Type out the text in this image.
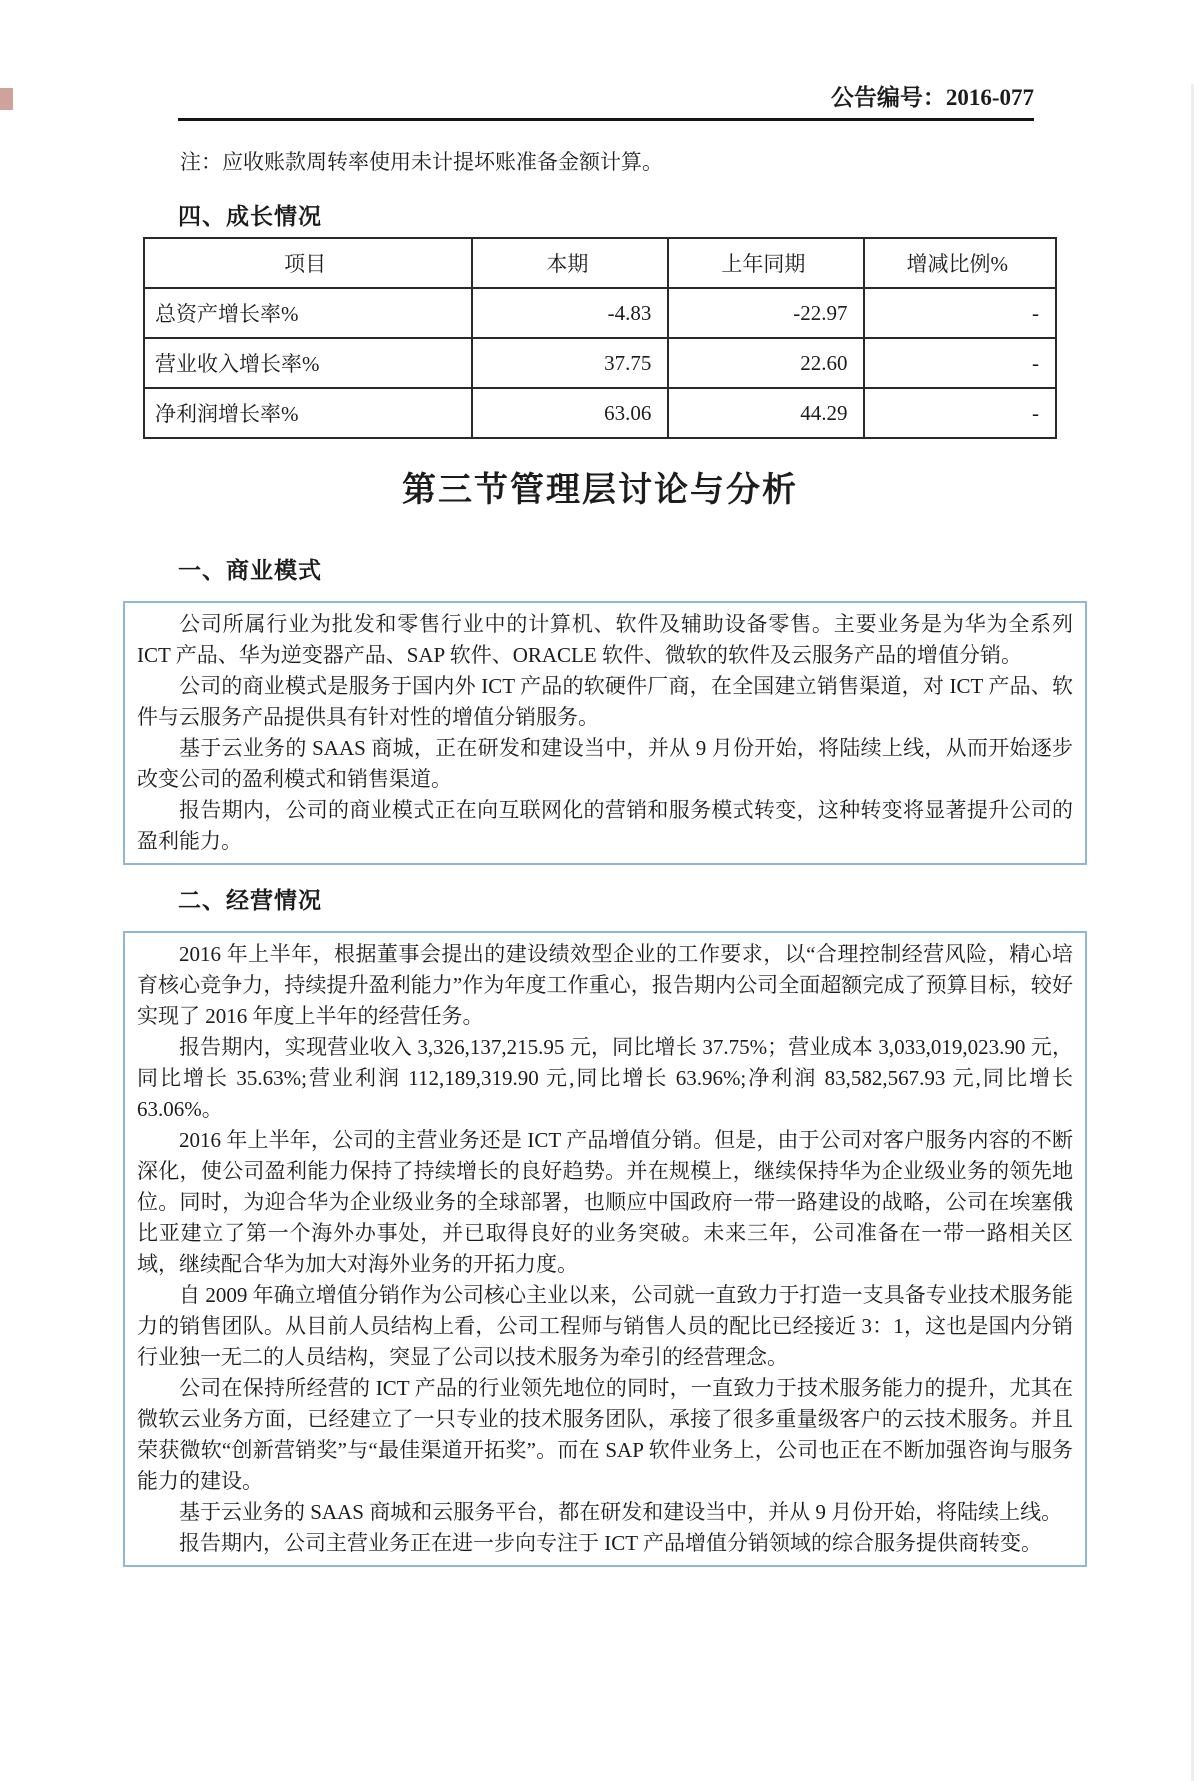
公告编号：2016-077

注：应收账款周转率使用未计提坏账准备金额计算。

四、成长情况
项目	本期	上年同期	增减比例%
总资产增长率%	-4.83	-22.97	-
营业收入增长率%	37.75	22.60	-
净利润增长率%	63.06	44.29	-
第三节管理层讨论与分析
一、商业模式

公司所属行业为批发和零售行业中的计算机、软件及辅助设备零售。主要业务是为华为全系列 ICT 产品、华为逆变器产品、SAP 软件、ORACLE 软件、微软的软件及云服务产品的增值分销。

公司的商业模式是服务于国内外 ICT 产品的软硬件厂商，在全国建立销售渠道，对 ICT 产品、软件与云服务产品提供具有针对性的增值分销服务。

基于云业务的 SAAS 商城，正在研发和建设当中，并从 9 月份开始，将陆续上线，从而开始逐步改变公司的盈利模式和销售渠道。

报告期内，公司的商业模式正在向互联网化的营销和服务模式转变，这种转变将显著提升公司的盈利能力。

二、经营情况

2016 年上半年，根据董事会提出的建设绩效型企业的工作要求，以“合理控制经营风险，精心培育核心竞争力，持续提升盈利能力”作为年度工作重心，报告期内公司全面超额完成了预算目标，较好实现了 2016 年度上半年的经营任务。

报告期内，实现营业收入 3,326,137,215.95 元，同比增长 37.75%；营业成本 3,033,019,023.90 元，同比增长 35.63%;营业利润 112,189,319.90 元,同比增长 63.96%;净利润 83,582,567.93 元,同比增长 63.06%。

2016 年上半年，公司的主营业务还是 ICT 产品增值分销。但是，由于公司对客户服务内容的不断深化，使公司盈利能力保持了持续增长的良好趋势。并在规模上，继续保持华为企业级业务的领先地位。同时，为迎合华为企业级业务的全球部署，也顺应中国政府一带一路建设的战略，公司在埃塞俄比亚建立了第一个海外办事处，并已取得良好的业务突破。未来三年，公司准备在一带一路相关区域，继续配合华为加大对海外业务的开拓力度。

自 2009 年确立增值分销作为公司核心主业以来，公司就一直致力于打造一支具备专业技术服务能力的销售团队。从目前人员结构上看，公司工程师与销售人员的配比已经接近 3：1，这也是国内分销行业独一无二的人员结构，突显了公司以技术服务为牵引的经营理念。

公司在保持所经营的 ICT 产品的行业领先地位的同时，一直致力于技术服务能力的提升，尤其在微软云业务方面，已经建立了一只专业的技术服务团队，承接了很多重量级客户的云技术服务。并且荣获微软“创新营销奖”与“最佳渠道开拓奖”。而在 SAP 软件业务上，公司也正在不断加强咨询与服务能力的建设。

基于云业务的 SAAS 商城和云服务平台，都在研发和建设当中，并从 9 月份开始，将陆续上线。

报告期内，公司主营业务正在进一步向专注于 ICT 产品增值分销领域的综合服务提供商转变。
